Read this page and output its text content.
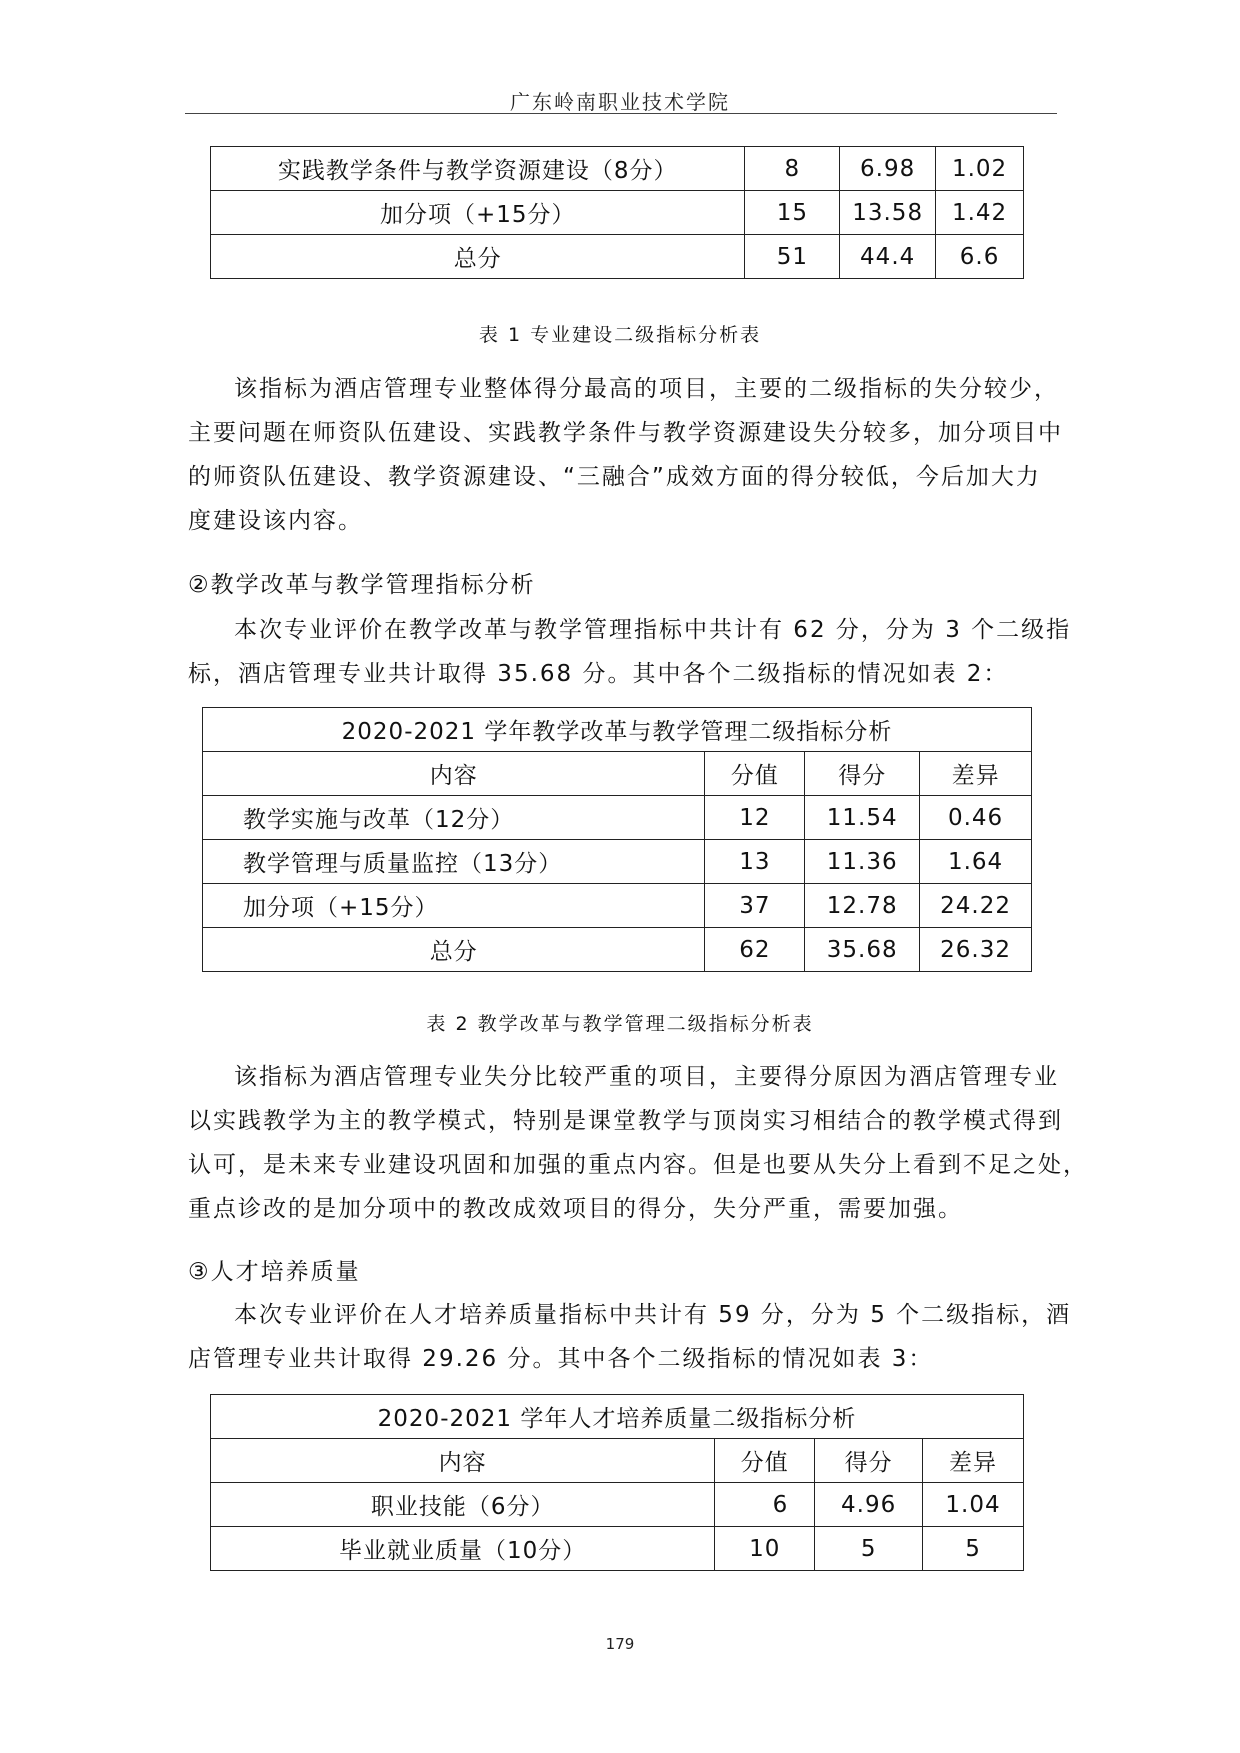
广东岭南职业技术学院
实践教学条件与教学资源建设（8分）	8	6.98	1.02
加分项（+15分）	15	13.58	1.42
总分	51	44.4	6.6
表 1 专业建设二级指标分析表
该指标为酒店管理专业整体得分最高的项目，主要的二级指标的失分较少，
主要问题在师资队伍建设、实践教学条件与教学资源建设失分较多，加分项目中
的师资队伍建设、教学资源建设、“三融合”成效方面的得分较低，今后加大力
度建设该内容。
②教学改革与教学管理指标分析
本次专业评价在教学改革与教学管理指标中共计有 62 分，分为 3 个二级指
标，酒店管理专业共计取得 35.68 分。其中各个二级指标的情况如表 2：
2020-2021 学年教学改革与教学管理二级指标分析			
内容	分值	得分	差异
教学实施与改革（12分）	12	11.54	0.46
教学管理与质量监控（13分）	13	11.36	1.64
加分项（+15分）	37	12.78	24.22
总分	62	35.68	26.32
表 2 教学改革与教学管理二级指标分析表
该指标为酒店管理专业失分比较严重的项目，主要得分原因为酒店管理专业
以实践教学为主的教学模式，特别是课堂教学与顶岗实习相结合的教学模式得到
认可，是未来专业建设巩固和加强的重点内容。但是也要从失分上看到不足之处，
重点诊改的是加分项中的教改成效项目的得分，失分严重，需要加强。
③人才培养质量
本次专业评价在人才培养质量指标中共计有 59 分，分为 5 个二级指标，酒
店管理专业共计取得 29.26 分。其中各个二级指标的情况如表 3：
2020-2021 学年人才培养质量二级指标分析			
内容	分值	得分	差异
职业技能（6分）	6	4.96	1.04
毕业就业质量（10分）	10	5	5
179
